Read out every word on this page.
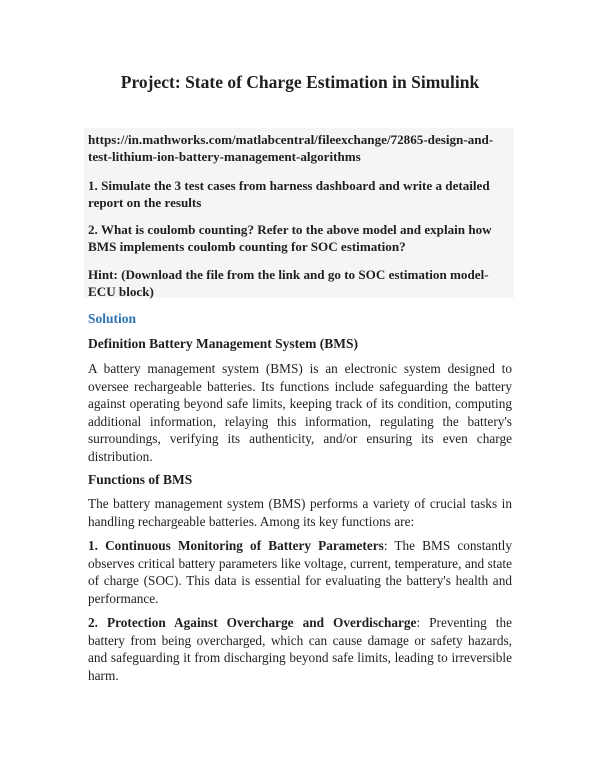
Project: State of Charge Estimation in Simulink

https://in.mathworks.com/matlabcentral/fileexchange/72865-design-and-test-lithium-ion-battery-management-algorithms

1. Simulate the 3 test cases from harness dashboard and write a detailed report on the results

2. What is coulomb counting? Refer to the above model and explain how BMS implements coulomb counting for SOC estimation?

Hint: (Download the file from the link and go to SOC estimation model-ECU block)

Solution
Definition Battery Management System (BMS)

A battery management system (BMS) is an electronic system designed to oversee rechargeable batteries. Its functions include safeguarding the battery against operating beyond safe limits, keeping track of its condition, computing additional information, relaying this information, regulating the battery's surroundings, verifying its authenticity, and/or ensuring its even charge distribution.

Functions of BMS

The battery management system (BMS) performs a variety of crucial tasks in handling rechargeable batteries. Among its key functions are:

1. Continuous Monitoring of Battery Parameters: The BMS constantly observes critical battery parameters like voltage, current, temperature, and state of charge (SOC). This data is essential for evaluating the battery's health and performance.

2. Protection Against Overcharge and Overdischarge: Preventing the battery from being overcharged, which can cause damage or safety hazards, and safeguarding it from discharging beyond safe limits, leading to irreversible harm.
